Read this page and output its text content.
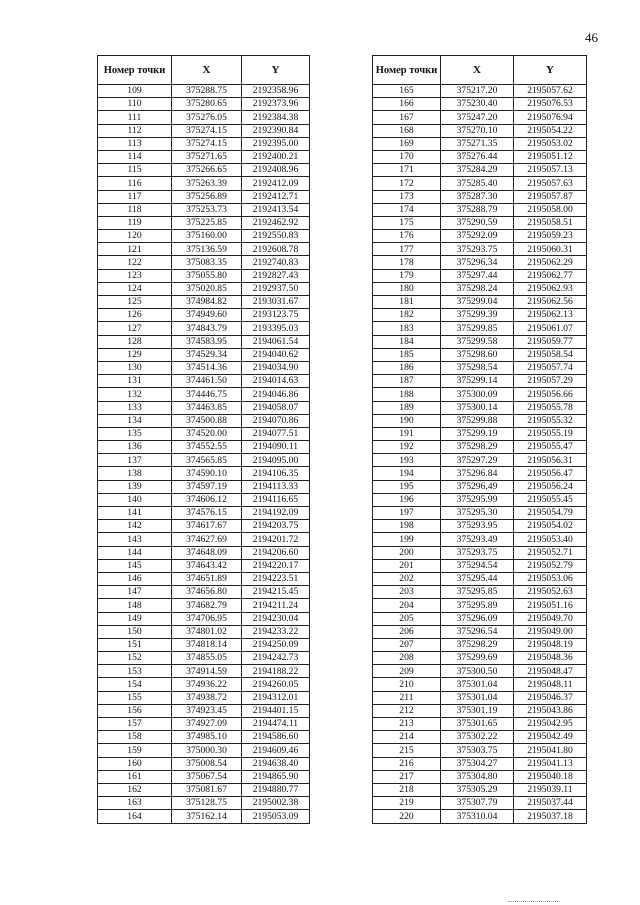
46
Номер точки	X	Y
109	375288.75	2192358.96
110	375280.65	2192373.96
111	375276.05	2192384.38
112	375274.15	2192390.84
113	375274.15	2192395.00
114	375271.65	2192400.21
115	375266.65	2192408.96
116	375263.39	2192412.09
117	375256.89	2192412.71
118	375253.73	2192413.54
119	375225.85	2192462.92
120	375160.00	2192550.83
121	375136.59	2192608.78
122	375083.35	2192740.83
123	375055.80	2192827.43
124	375020.85	2192937.50
125	374984.82	2193031.67
126	374949.60	2193123.75
127	374843.79	2193395.03
128	374583.95	2194061.54
129	374529.34	2194040.62
130	374514.36	2194034.90
131	374461.50	2194014.63
132	374446.75	2194046.86
133	374463.85	2194058.07
134	374500.88	2194070.86
135	374520.00	2194077.51
136	374552.55	2194090.11
137	374565.85	2194095.00
138	374590.10	2194106.35
139	374597.19	2194113.33
140	374606.12	2194116.65
141	374576.15	2194192.09
142	374617.67	2194203.75
143	374627.69	2194201.72
144	374648.09	2194206.60
145	374643.42	2194220.17
146	374651.89	2194223.51
147	374656.80	2194215.45
148	374682.79	2194211.24
149	374706.95	2194230.04
150	374801.02	2194233.22
151	374818.14	2194250.09
152	374855.05	2194242.73
153	374914.59	2194188.22
154	374936.22	2194260.05
155	374938.72	2194312.01
156	374923.45	2194401.15
157	374927.09	2194474.11
158	374985.10	2194586.60
159	375000.30	2194609.46
160	375008.54	2194638.40
161	375067.54	2194865.90
162	375081.67	2194880.77
163	375128.75	2195002.38
164	375162.14	2195053.09
Номер точки	X	Y
165	375217.20	2195057.62
166	375230.40	2195076.53
167	375247.20	2195076.94
168	375270.10	2195054.22
169	375271.35	2195053.02
170	375276.44	2195051.12
171	375284.29	2195057.13
172	375285.40	2195057.63
173	375287.30	2195057.87
174	375288.79	2195058.00
175	375290.59	2195058.51
176	375292.09	2195059.23
177	375293.75	2195060.31
178	375296.34	2195062.29
179	375297.44	2195062.77
180	375298.24	2195062.93
181	375299.04	2195062.56
182	375299.39	2195062.13
183	375299.85	2195061.07
184	375299.58	2195059.77
185	375298.60	2195058.54
186	375298.54	2195057.74
187	375299.14	2195057.29
188	375300.09	2195056.66
189	375300.14	2195055.78
190	375299.88	2195055.32
191	375299.19	2195055.19
192	375298.29	2195055.47
193	375297.29	2195056.31
194	375296.84	2195056.47
195	375296.49	2195056.24
196	375295.99	2195055.45
197	375295.30	2195054.79
198	375293.95	2195054.02
199	375293.49	2195053.40
200	375293.75	2195052.71
201	375294.54	2195052.79
202	375295.44	2195053.06
203	375295.85	2195052.63
204	375295.89	2195051.16
205	375296.09	2195049.70
206	375296.54	2195049.00
207	375298.29	2195048.19
208	375299.69	2195048.36
209	375300.50	2195048.47
210	375301.04	2195048.11
211	375301.04	2195046.37
212	375301.19	2195043.86
213	375301.65	2195042.95
214	375302.22	2195042.49
215	375303.75	2195041.80
216	375304.27	2195041.13
217	375304.80	2195040.18
218	375305.29	2195039.11
219	375307.79	2195037.44
220	375310.04	2195037.18
